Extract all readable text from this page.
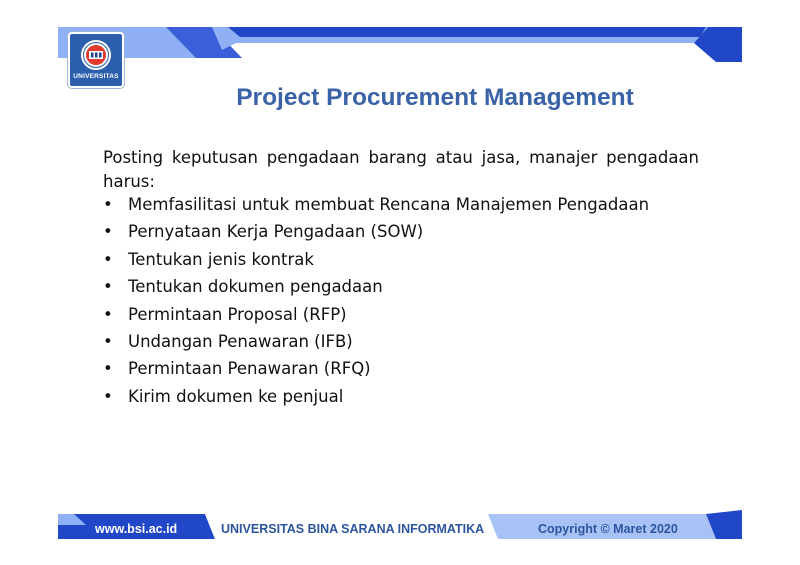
UNIVERSITAS
Project Procurement Management
Posting keputusan pengadaan barang atau jasa, manajer pengadaan harus:
• Memfasilitasi untuk membuat Rencana Manajemen Pengadaan
• Pernyataan Kerja Pengadaan (SOW)
• Tentukan jenis kontrak
• Tentukan dokumen pengadaan
• Permintaan Proposal (RFP)
• Undangan Penawaran (IFB)
• Permintaan Penawaran (RFQ)
• Kirim dokumen ke penjual
www.bsi.ac.id	UNIVERSITAS BINA SARANA INFORMATIKA	Copyright © Maret 2020
